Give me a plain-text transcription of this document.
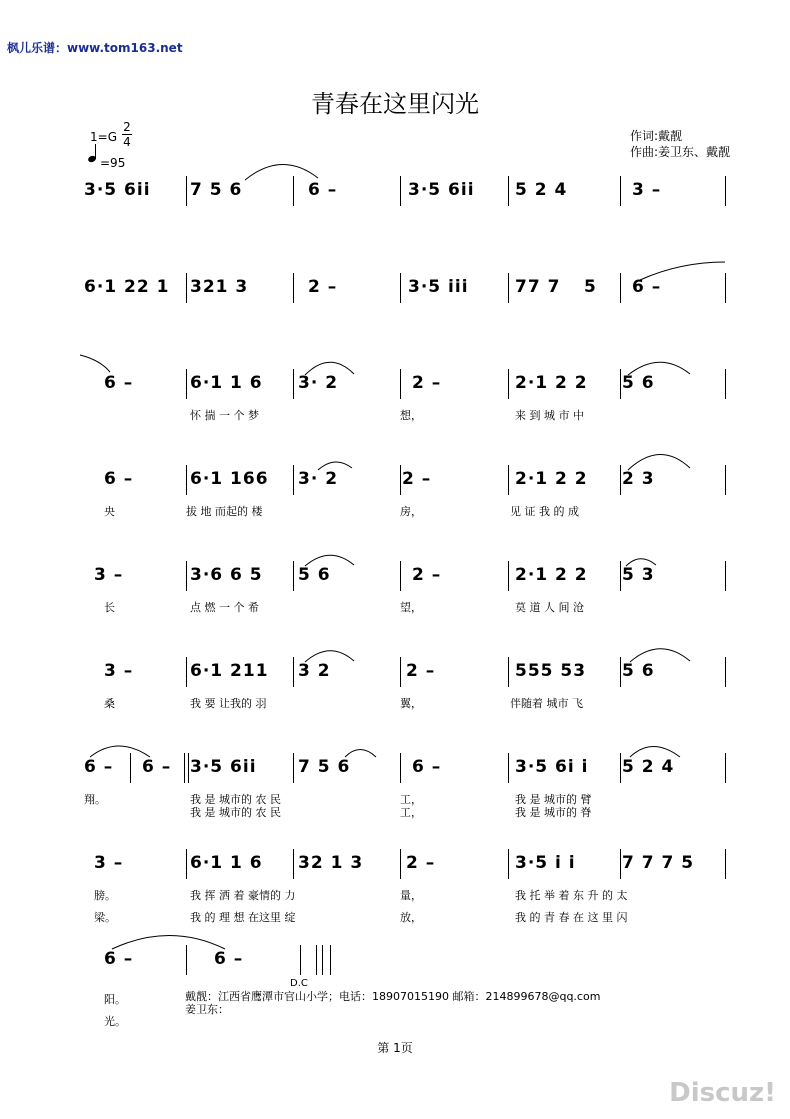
枫儿乐谱：www.tom163.net
青春在这里闪光
1=G
2
4
=95
作词:戴靓
作曲:姜卫东、戴靓
3·5 6i̇i̇ 7 5 6	6 –	3·5 6i̇i̇ 5 2 4	3 –
6·1 22 1 321 3	2 –	3·5 i̇i̇i̇	77 7 5 6 –
6 –	6·1 1 6 3· 2	2 –	2·1 2 2 5 6
怀 揣 一 个 梦	想，	来 到 城 市 中
6 –	6·1 166 3· 2	2 –	2·1 2 2 2 3
央	拔 地 而起的 楼	房，	见 证 我 的 成
3 –	3·6 6 5 5 6	2 –	2·1 2 2 5 3
长	点 燃 一 个 希	望，	莫 道 人 间 沧
3 –	6·1 211 3 2	2 –	555 53 5 6
桑	我 要 让我的 羽	翼，	伴随着 城市 飞
6 – 6 – 3·5 6i̇i̇ 7 5 6	6 –	3·5 6i̇ i̇ 5 2 4
翔。	我 是 城市的 农 民	工，	我 是 城市的 臂
我 是 城市的 农 民	工，	我 是 城市的 脊
3 –	6·1 1 6 32 1 3	2 –	3·5 i̇ i̇	7 7 7 5
膀。	我 挥 洒 着 豪情的 力	量，	我 托 举 着 东 升 的 太
梁。	我 的 理 想 在这里 绽	放，	我 的 青 春 在 这 里 闪
6 –	6 –
阳。
光。
D.C
戴靓：江西省鹰潭市官山小学；电话：18907015190 邮箱：214899678@qq.com
姜卫东：
第 1页
Discuz!
